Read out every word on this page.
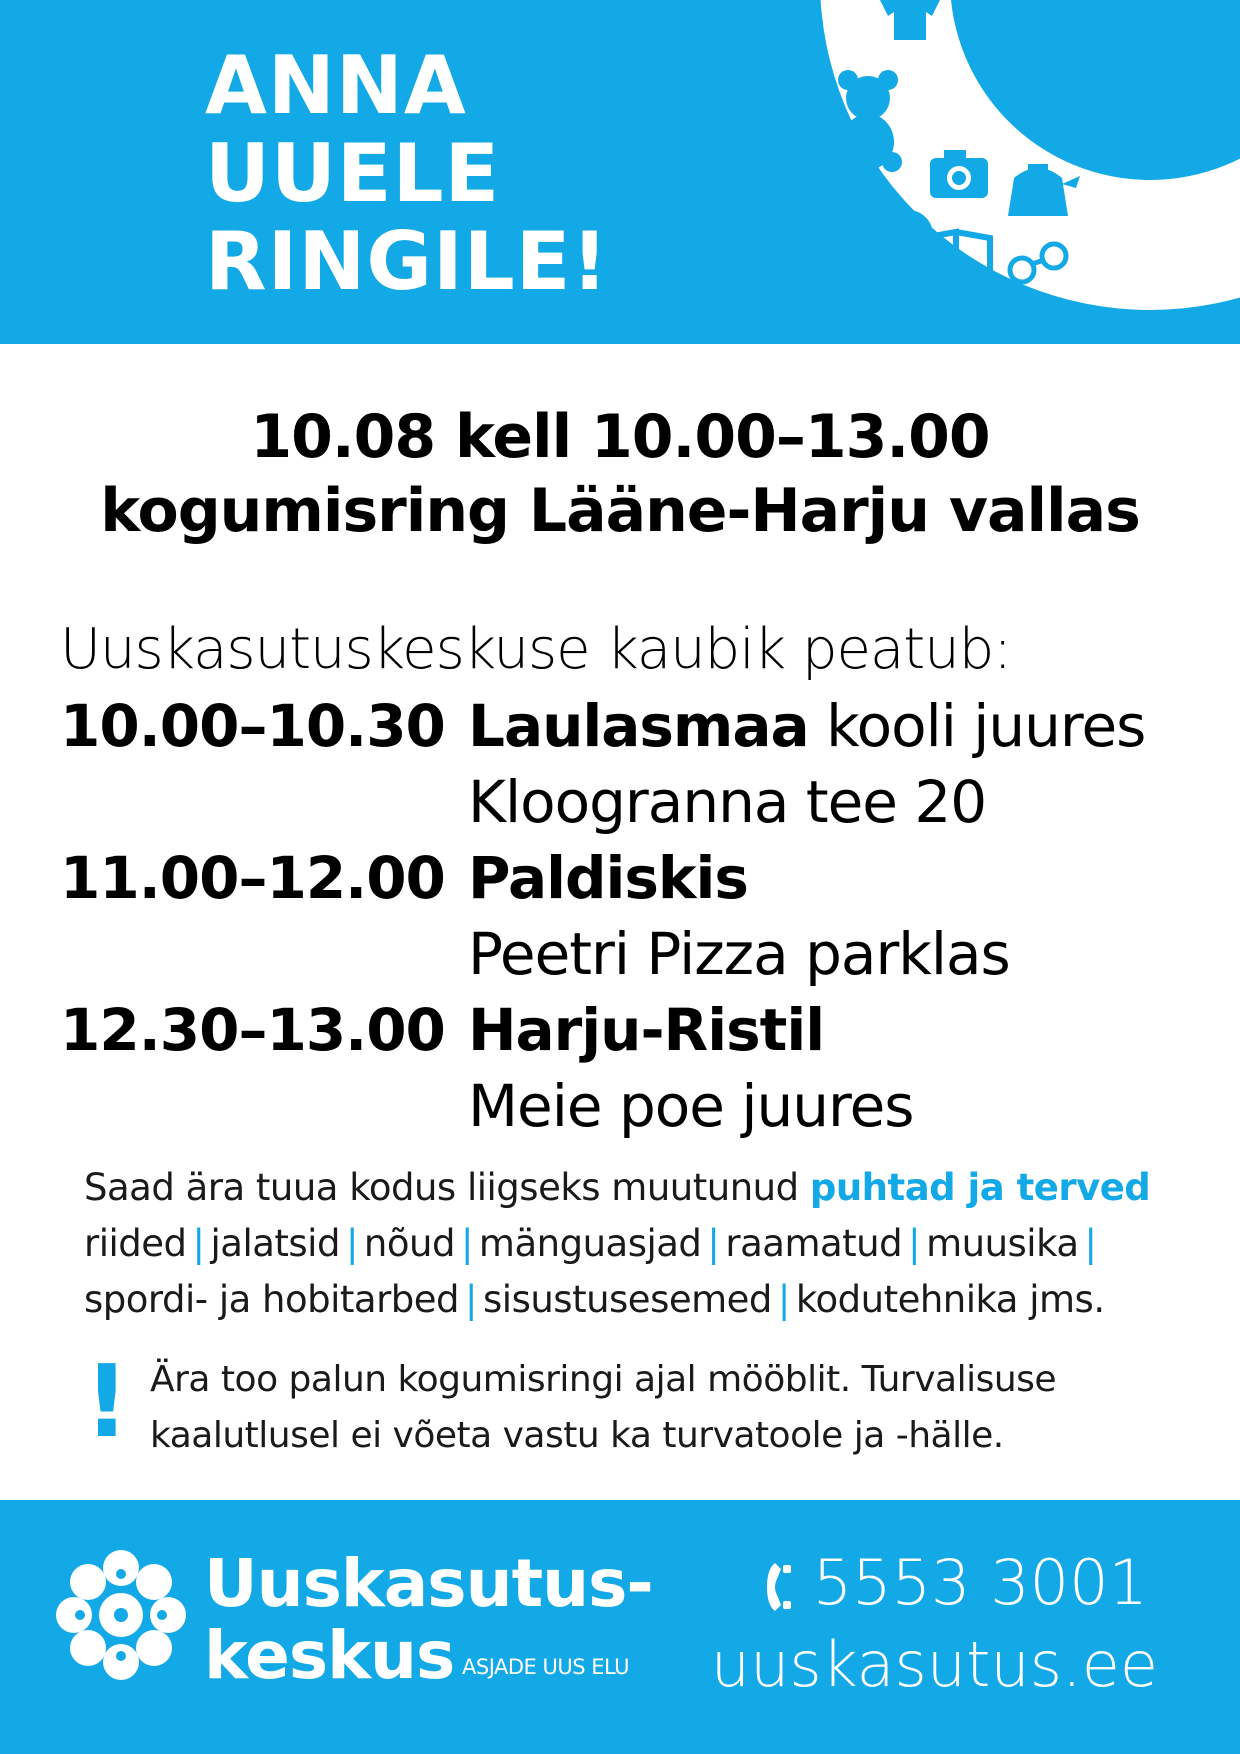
ANNA
UUELE
RINGILE!
10.08 kell 10.00–13.00
kogumisring Lääne-Harju vallas

Uuskasutuskeskuse kaubik peatub:

10.00–10.30 Laulasmaa kooli juures
Kloogranna tee 20
11.00–12.00 Paldiskis
Peetri Pizza parklas
12.30–13.00 Harju-Ristil
Meie poe juures

Saad ära tuua kodus liigseks muutunud puhtad ja terved

riided | jalatsid | nõud | mänguasjad | raamatud | muusika |

spordi- ja hobitarbed | sisustusesemed | kodutehnika jms.

! Ära too palun kogumisringi ajal mööblit. Turvalisuse
kaalutlusel ei võeta vastu ka turvatoole ja -hälle.
Uuskasutus-
keskus ASJADE UUS ELU
5553 3001
uuskasutus.ee
